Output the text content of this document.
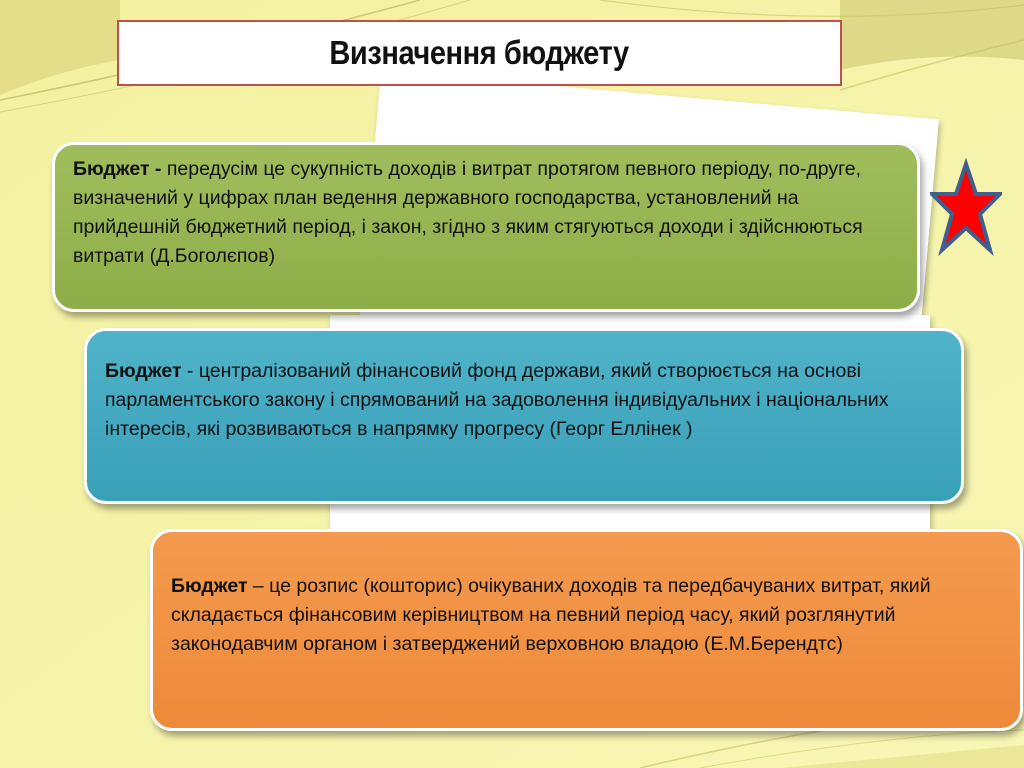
Визначення бюджету

Бюджет - передусім це сукупність доходів і витрат протягом певного періоду, по-друге, визначений у цифрах план ведення державного господарства, установлений на прийдешній бюджетний період, і закон, згідно з яким стягуються доходи і здійснюються витрати (Д.Боголєпов)

Бюджет - централізований фінансовий фонд держави, який створюється на основі парламентського закону і спрямований на задоволення індивідуальних і національних інтересів, які розвиваються в напрямку прогресу (Георг Еллінек )

Бюджет – це розпис (кошторис) очікуваних доходів та передбачуваних витрат, який складається фінансовим керівництвом на певний період часу, який розглянутий законодавчим органом і затверджений верховною владою (Е.М.Берендтс)
